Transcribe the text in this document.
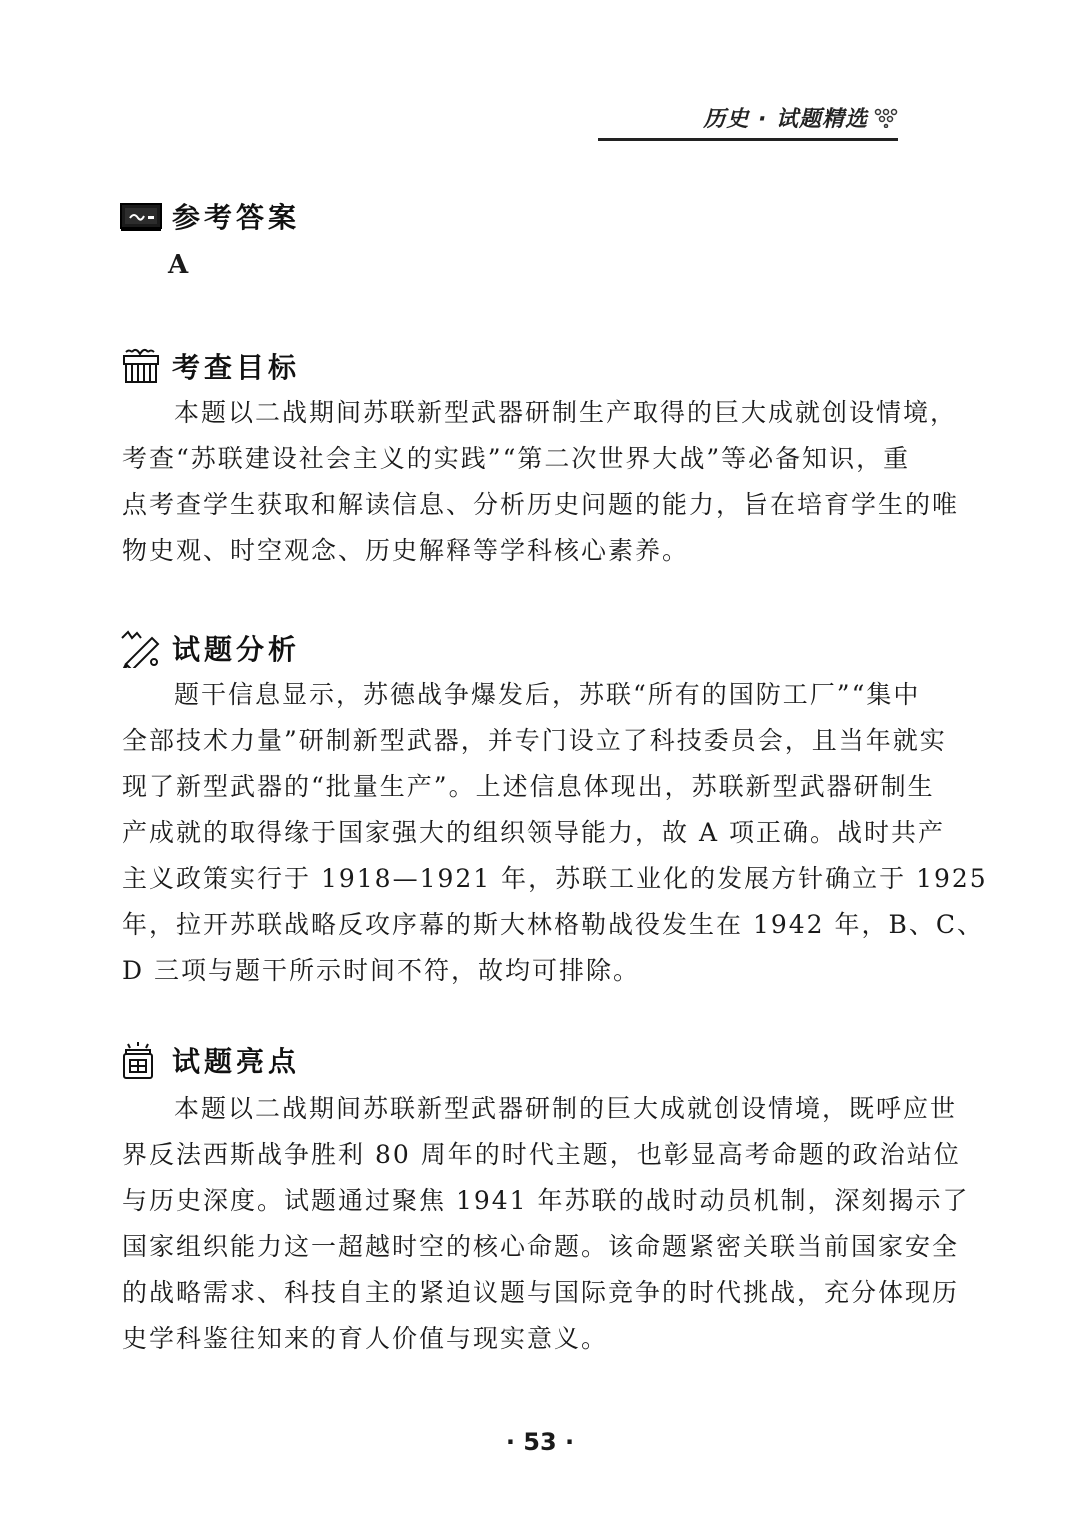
历史 · 试题精选
参考答案
A
考查目标
本题以二战期间苏联新型武器研制生产取得的巨大成就创设情境，
考查“苏联建设社会主义的实践”“第二次世界大战”等必备知识，重
点考查学生获取和解读信息、分析历史问题的能力，旨在培育学生的唯
物史观、时空观念、历史解释等学科核心素养。
试题分析
题干信息显示，苏德战争爆发后，苏联“所有的国防工厂”“集中
全部技术力量”研制新型武器，并专门设立了科技委员会，且当年就实
现了新型武器的“批量生产”。上述信息体现出，苏联新型武器研制生
产成就的取得缘于国家强大的组织领导能力，故 A 项正确。战时共产
主义政策实行于 1918—1921 年，苏联工业化的发展方针确立于 1925
年，拉开苏联战略反攻序幕的斯大林格勒战役发生在 1942 年，B、C、
D 三项与题干所示时间不符，故均可排除。
试题亮点
本题以二战期间苏联新型武器研制的巨大成就创设情境，既呼应世
界反法西斯战争胜利 80 周年的时代主题，也彰显高考命题的政治站位
与历史深度。试题通过聚焦 1941 年苏联的战时动员机制，深刻揭示了
国家组织能力这一超越时空的核心命题。该命题紧密关联当前国家安全
的战略需求、科技自主的紧迫议题与国际竞争的时代挑战，充分体现历
史学科鉴往知来的育人价值与现实意义。
· 53 ·
